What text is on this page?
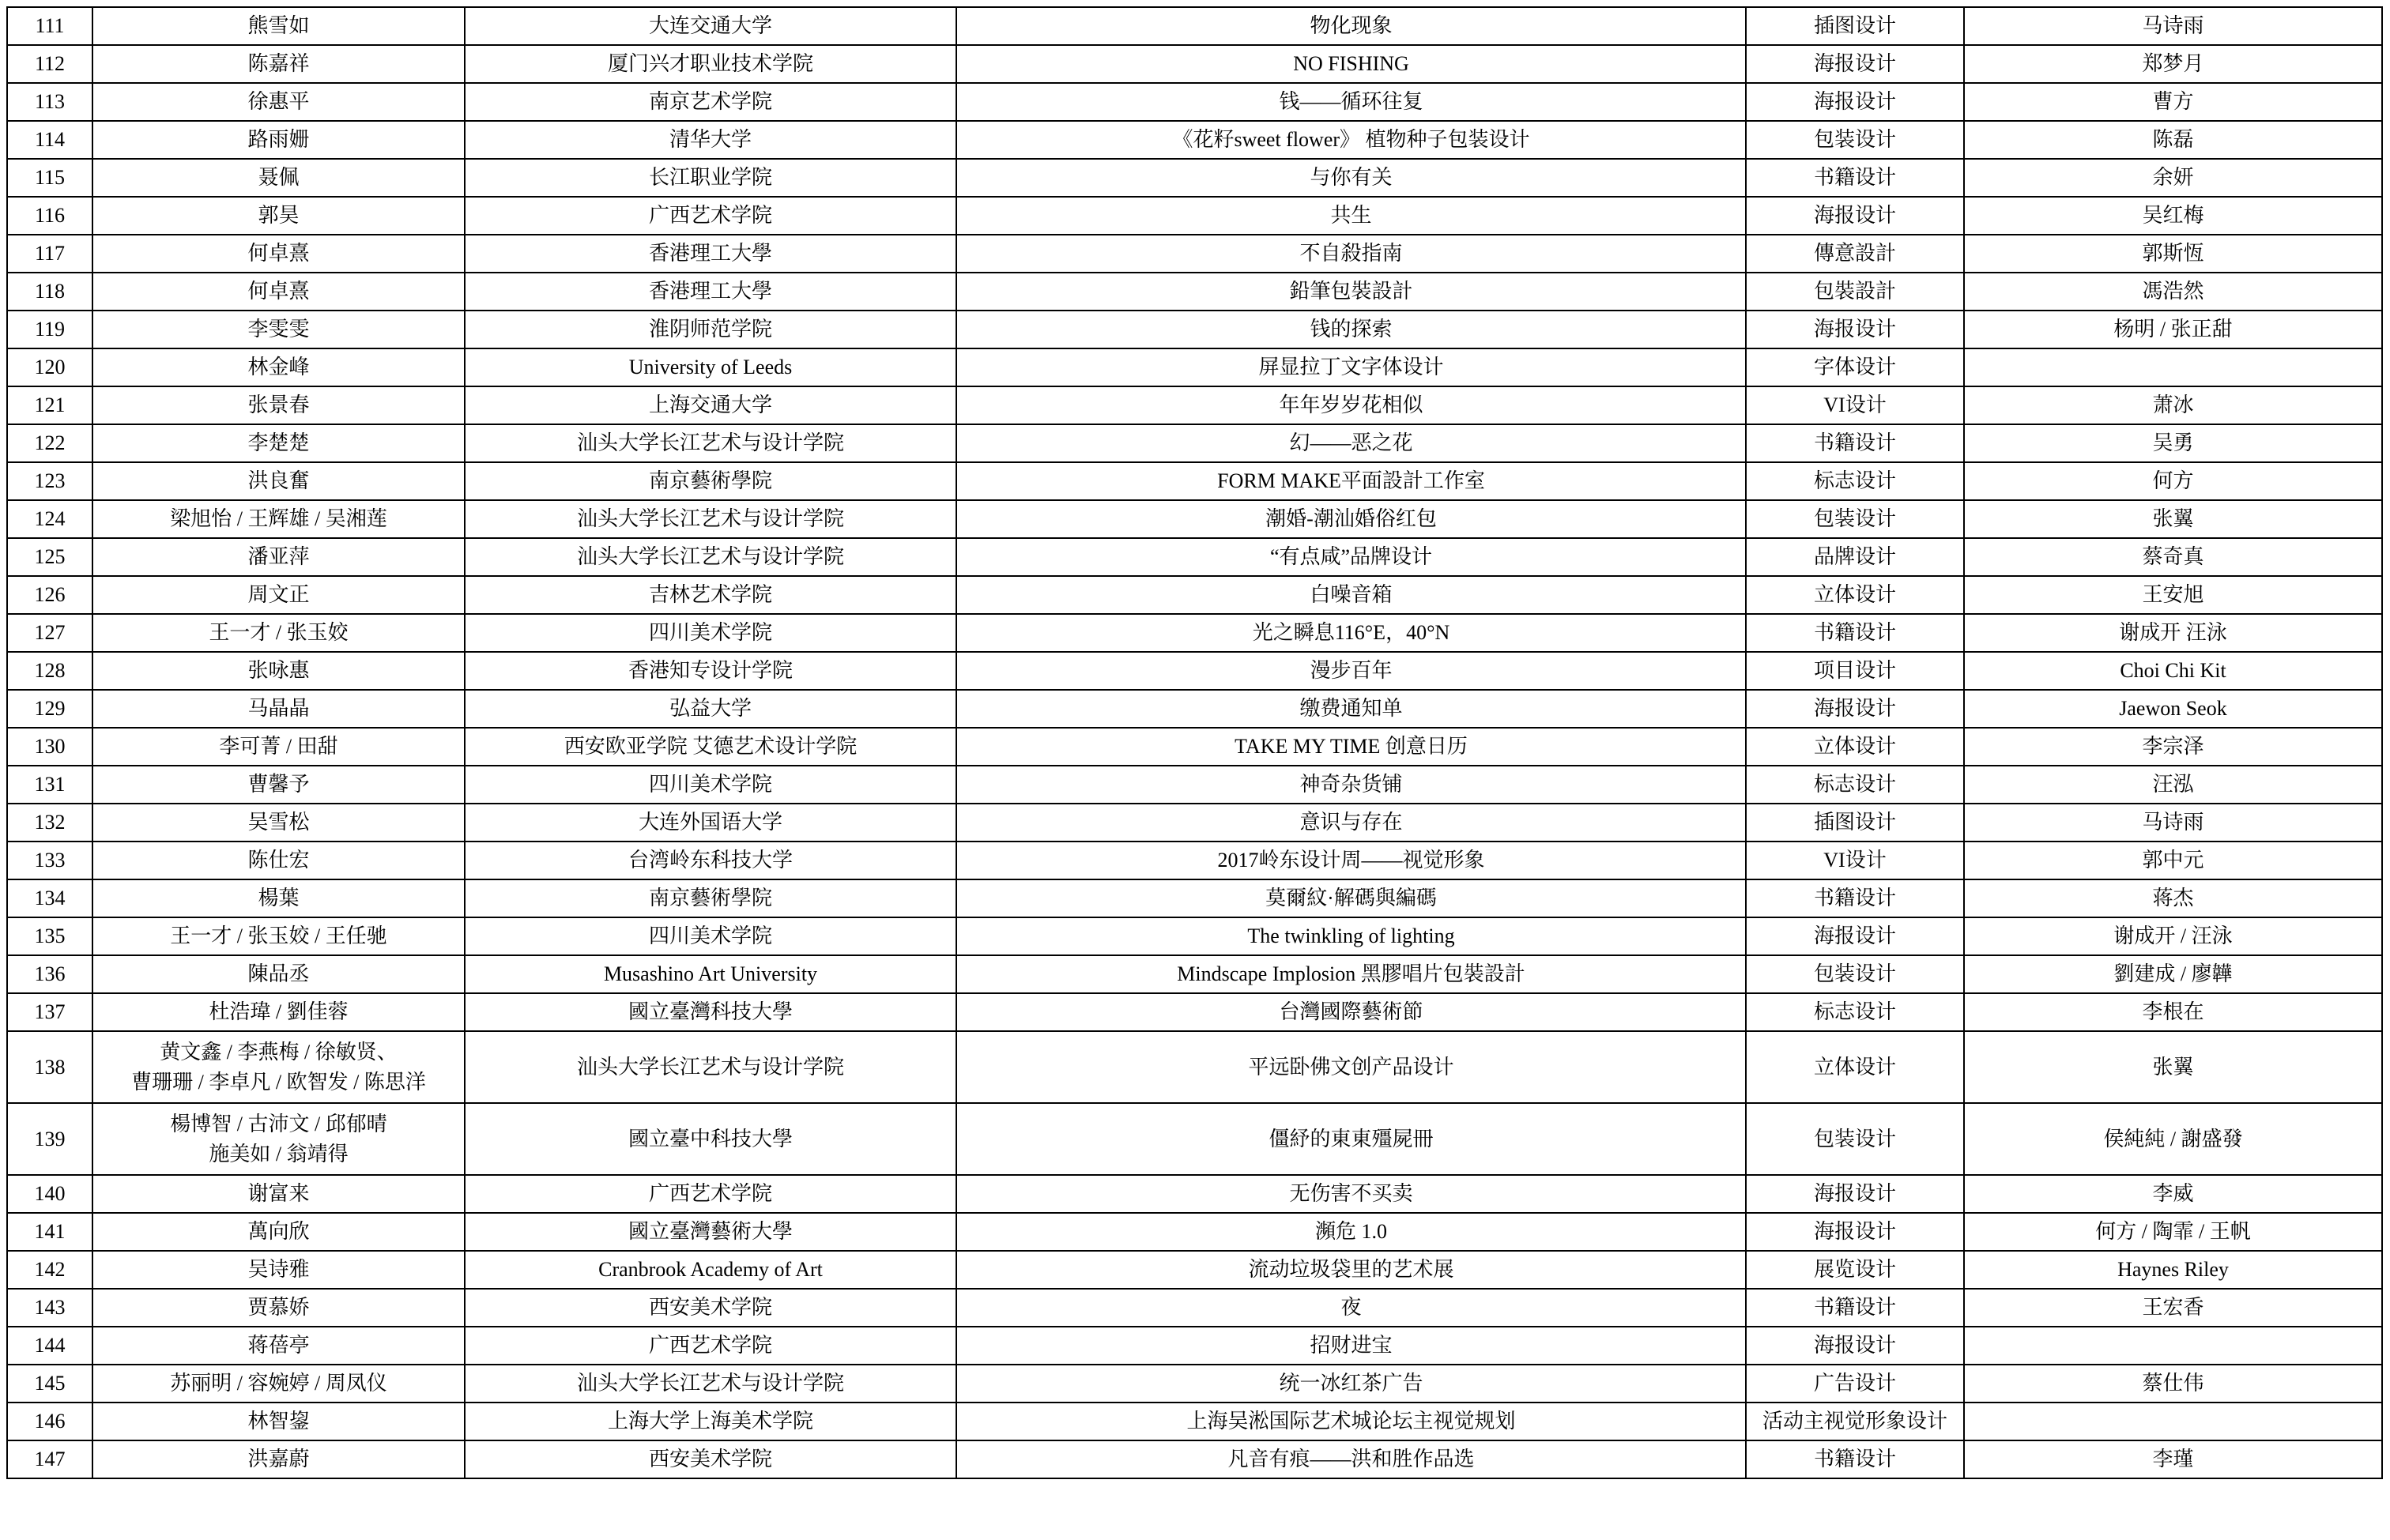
111	熊雪如	大连交通大学	物化现象	插图设计	马诗雨
112	陈嘉祥	厦门兴才职业技术学院	NO FISHING	海报设计	郑梦月
113	徐惠平	南京艺术学院	钱——循环往复	海报设计	曹方
114	路雨姗	清华大学	《花籽sweet flower》 植物种子包装设计	包装设计	陈磊
115	聂佩	长江职业学院	与你有关	书籍设计	余妍
116	郭昊	广西艺术学院	共生	海报设计	吴红梅
117	何卓熹	香港理工大學	不自殺指南	傳意設計	郭斯恆
118	何卓熹	香港理工大學	鉛筆包裝設計	包裝設計	馮浩然
119	李雯雯	淮阴师范学院	钱的探索	海报设计	杨明 / 张正甜
120	林金峰	University of Leeds	屏显拉丁文字体设计	字体设计	
121	张景春	上海交通大学	年年岁岁花相似	VI设计	萧冰
122	李楚楚	汕头大学长江艺术与设计学院	幻——恶之花	书籍设计	吴勇
123	洪良奮	南京藝術學院	FORM MAKE平面設計工作室	标志设计	何方
124	梁旭怡 / 王辉雄 / 吴湘莲	汕头大学长江艺术与设计学院	潮婚-潮汕婚俗红包	包装设计	张翼
125	潘亚萍	汕头大学长江艺术与设计学院	“有点咸”品牌设计	品牌设计	蔡奇真
126	周文正	吉林艺术学院	白噪音箱	立体设计	王安旭
127	王一才 / 张玉姣	四川美术学院	光之瞬息116°E，40°N	书籍设计	谢成开 汪泳
128	张咏惠	香港知专设计学院	漫步百年	项目设计	Choi Chi Kit
129	马晶晶	弘益大学	缴费通知单	海报设计	Jaewon Seok
130	李可菁 / 田甜	西安欧亚学院 艾德艺术设计学院	TAKE MY TIME 创意日历	立体设计	李宗泽
131	曹馨予	四川美术学院	神奇杂货铺	标志设计	汪泓
132	吴雪松	大连外国语大学	意识与存在	插图设计	马诗雨
133	陈仕宏	台湾岭东科技大学	2017岭东设计周——视觉形象	VI设计	郭中元
134	楊葉	南京藝術學院	莫爾紋·解碼與編碼	书籍设计	蒋杰
135	王一才 / 张玉姣 / 王任驰	四川美术学院	The twinkling of lighting	海报设计	谢成开 / 汪泳
136	陳品丞	Musashino Art University	Mindscape Implosion 黑膠唱片包裝設計	包装设计	劉建成 / 廖韡
137	杜浩瑋 / 劉佳蓉	國立臺灣科技大學	台灣國際藝術節	标志设计	李根在
138	黄文鑫 / 李燕梅 / 徐敏贤、
曹珊珊 / 李卓凡 / 欧智发 / 陈思洋	汕头大学长江艺术与设计学院	平远卧佛文创产品设计	立体设计	张翼
139	楊博智 / 古沛文 / 邱郁晴
施美如 / 翁靖得	國立臺中科技大學	僵紓的東東殭屍冊	包装设计	侯純純 / 謝盛發
140	谢富来	广西艺术学院	无伤害不买卖	海报设计	李威
141	萬向欣	國立臺灣藝術大學	瀕危 1.0	海报设计	何方 / 陶霏 / 王帆
142	吴诗雅	Cranbrook Academy of Art	流动垃圾袋里的艺术展	展览设计	Haynes Riley
143	贾慕娇	西安美术学院	夜	书籍设计	王宏香
144	蒋蓓亭	广西艺术学院	招财进宝	海报设计	
145	苏丽明 / 容婉婷 / 周凤仪	汕头大学长江艺术与设计学院	统一冰红茶广告	广告设计	蔡仕伟
146	林智鋆	上海大学上海美术学院	上海吴淞国际艺术城论坛主视觉规划	活动主视觉形象设计	
147	洪嘉蔚	西安美术学院	凡音有痕——洪和胜作品选	书籍设计	李瑾
